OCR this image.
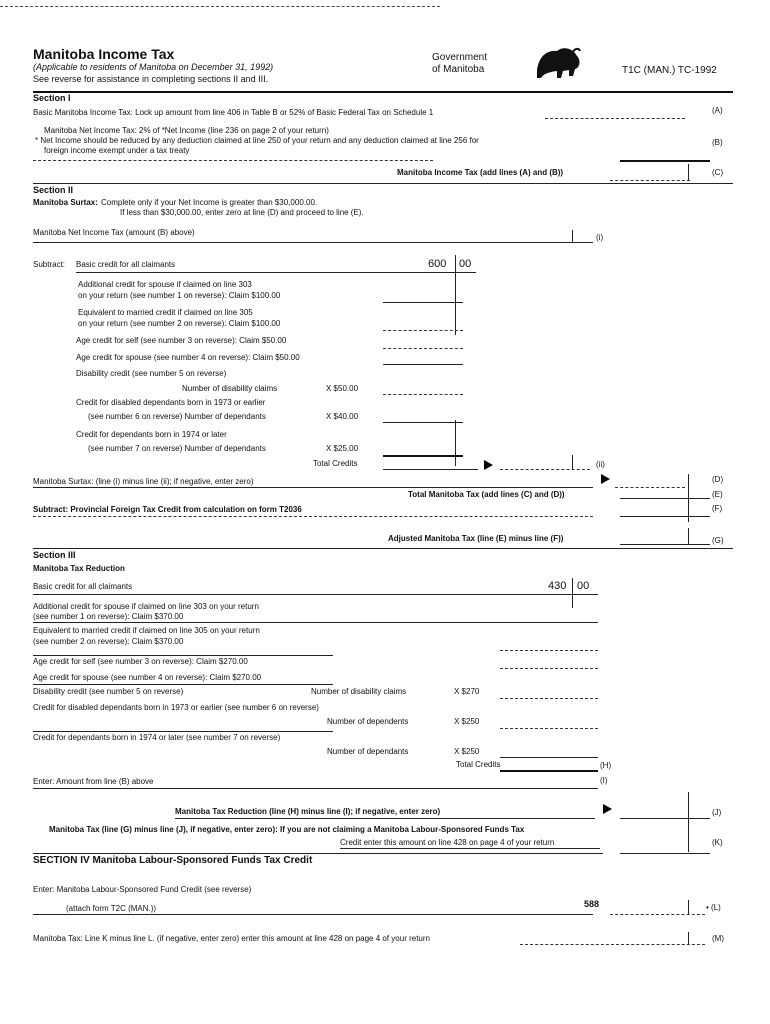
Manitoba Income Tax
(Applicable to residents of Manitoba on December 31, 1992)
See reverse for assistance in completing sections II and III.
Government
of Manitoba	T1C (MAN.) TC-1992
Section I
Basic Manitoba Income Tax: Lock up amount from line 406 in Table B or 52% of Basic Federal Tax on Schedule 1	(A)
Manitoba Net Income Tax: 2% of *Net Income (line 236 on page 2 of your return)
* Net Income should be reduced by any deduction claimed at line 250 of your return and any deduction claimed at line 256 for
foreign income exempt under a tax treaty
(B)
Manitoba Income Tax (add lines (A) and (B))	(C)
Section II
Manitoba Surtax: Complete only if your Net Income is greater than $30,000.00.
If less than $30,000.00, enter zero at line (D) and proceed to line (E).
Manitoba Net Income Tax (amount (B) above)
(i)
Subtract: Basic credit for all claimants	600 00
Additional credit for spouse if claimed on line 303
on your return (see number 1 on reverse): Claim $100.00
Equivalent to married credit if claimed on line 305
on your return (see number 2 on reverse): Claim $100.00
Age credit for self (see number 3 on reverse): Claim $50.00
Age credit for spouse (see number 4 on reverse): Claim $50.00
Disability credit (see number 5 on reverse)
Number of disability claims	X $50.00
Credit for disabled dependants born in 1973 or earlier
(see number 6 on reverse) Number of dependants	X $40.00
Credit for dependants born in 1974 or later
(see number 7 on reverse) Number of dependants	X $25.00
Total Credits	(ii)
Manitoba Surtax: (line (i) minus line (ii); if negative, enter zero)	(D)
Total Manitoba Tax (add lines (C) and (D))	(E)
Subtract: Provincial Foreign Tax Credit from calculation on form T2036	(F)
Adjusted Manitoba Tax (line (E) minus line (F))	(G)
Section III
Manitoba Tax Reduction
Basic credit for all claimants	430 00
Additional credit for spouse if claimed on line 303 on your return
(see number 1 on reverse): Claim $370.00
Equivalent to married credit if claimed on line 305 on your return
(see number 2 on reverse): Claim $370.00
Age credit for self (see number 3 on reverse): Claim $270.00
Age credit for spouse (see number 4 on reverse): Claim $270.00
Disability credit (see number 5 on reverse)	Number of disability claims	X $270
Credit for disabled dependants born in 1973 or earlier (see number 6 on reverse)
Number of dependents	X $250
Credit for dependants born in 1974 or later (see number 7 on reverse)
Number of dependants	X $250
Total Credits	(H)
Enter: Amount from line (B) above	(I)
Manitoba Tax Reduction (line (H) minus line (I); if negative, enter zero)	(J)
Manitoba Tax (line (G) minus line (J), if negative, enter zero): If you are not claiming a Manitoba Labour-Sponsored Funds Tax
Credit enter this amount on line 428 on page 4 of your return	(K)
SECTION IV Manitoba Labour-Sponsored Funds Tax Credit
Enter: Manitoba Labour-Sponsored Fund Credit (see reverse)
(attach form T2C (MAN.))	588	• (L)
Manitoba Tax: Line K minus line L. (if negative, enter zero) enter this amount at line 428 on page 4 of your return	(M)
